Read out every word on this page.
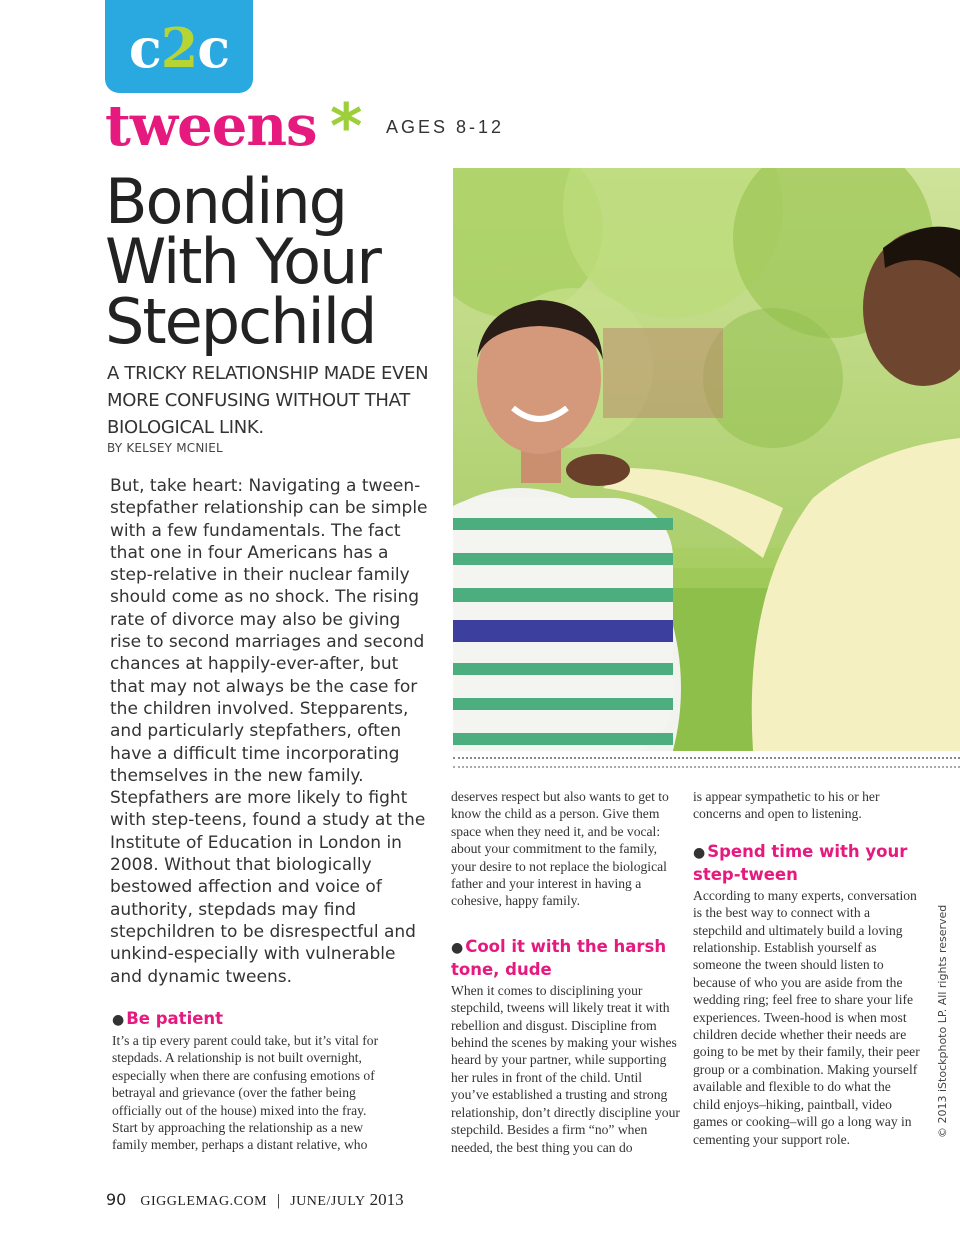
c2c
tweens * AGES 8-12
Bonding
With Your
Stepchild
A TRICKY RELATIONSHIP MADE EVEN MORE CONFUSING WITHOUT THAT BIOLOGICAL LINK.
BY KELSEY MCNIEL

But, take heart: Navigating a tween-stepfather relationship can be simple with a few fundamentals. The fact that one in four Americans has a step-relative in their nuclear family should come as no shock. The rising rate of divorce may also be giving rise to second marriages and second chances at happily-ever-after, but that may not always be the case for the children involved. Stepparents, and particularly stepfathers, often have a difficult time incorporating themselves in the new family. Stepfathers are more likely to fight with step-teens, found a study at the Institute of Education in London in 2008. Without that biologically bestowed affection and voice of authority, stepdads may find stepchildren to be disrespectful and unkind-especially with vulnerable and dynamic tweens.

● Be patient

It’s a tip every parent could take, but it’s vital for stepdads. A relationship is not built overnight, especially when there are confusing emotions of betrayal and grievance (over the father being officially out of the house) mixed into the fray. Start by approaching the relationship as a new family member, perhaps a distant relative, who

deserves respect but also wants to get to know the child as a person. Give them space when they need it, and be vocal: about your commitment to the family, your desire to not replace the biological father and your interest in having a cohesive, happy family.

● Cool it with the harsh tone, dude

When it comes to disciplining your stepchild, tweens will likely treat it with rebellion and disgust. Discipline from behind the scenes by making your wishes heard by your partner, while supporting her rules in front of the child. Until you’ve established a trusting and strong relationship, don’t directly discipline your stepchild. Besides a firm “no” when needed, the best thing you can do

is appear sympathetic to his or her concerns and open to listening.

● Spend time with your step-tween

According to many experts, conversation is the best way to connect with a stepchild and ultimately build a loving relationship. Establish yourself as someone the tween should listen to because of who you are aside from the wedding ring; feel free to share your life experiences. Tween-hood is when most children decide whether their needs are going to be met by their family, their peer group or a combination. Making yourself available and flexible to do what the child enjoys–hiking, paintball, video games or cooking–will go a long way in cementing your support role.

© 2013 iStockphoto LP. All rights reserved
90 GIGGLEMAG.COM | JUNE/JULY 2013
